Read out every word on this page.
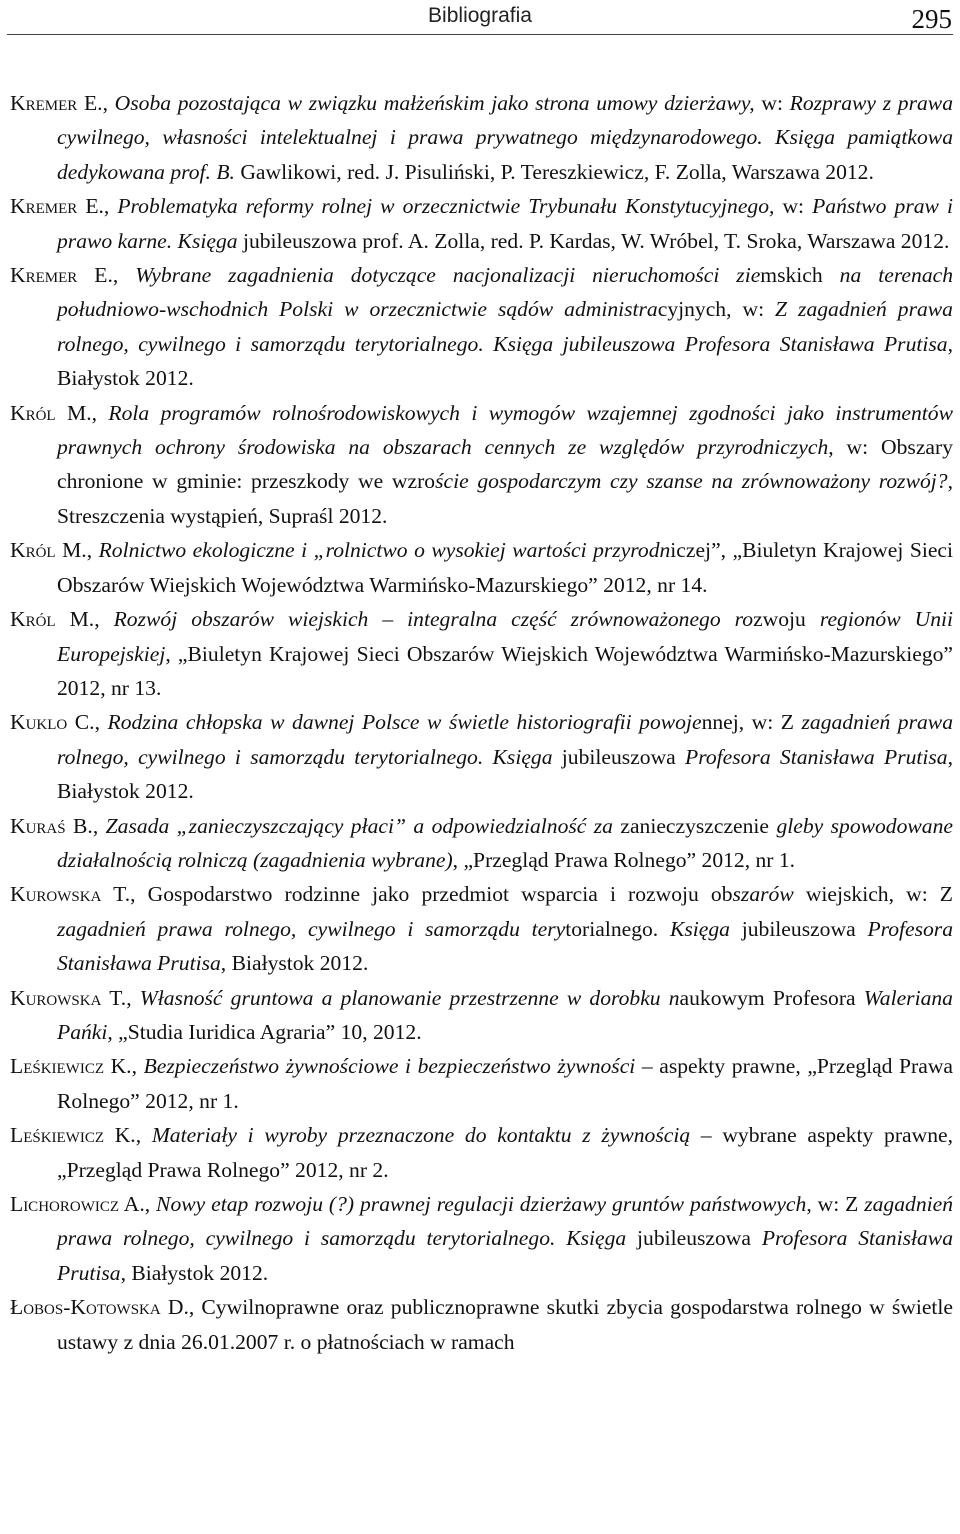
Bibliografia	295

Kremer E., Osoba pozostająca w związku małżeńskim jako strona umowy dzierżawy, w: Rozprawy z prawa cywilnego, własności intelektualnej i prawa prywatnego międzynarodowego. Księga pamiątkowa dedykowana prof. B. Gawlikowi, red. J. Pisuliński, P. Tereszkiewicz, F. Zolla, Warszawa 2012.

Kremer E., Problematyka reformy rolnej w orzecznictwie Trybunału Konstytucyjnego, w: Państwo praw i prawo karne. Księga jubileuszowa prof. A. Zolla, red. P. Kardas, W. Wróbel, T. Sroka, Warszawa 2012.

Kremer E., Wybrane zagadnienia dotyczące nacjonalizacji nieruchomości ziemskich na terenach południowo-wschodnich Polski w orzecznictwie sądów administracyjnych, w: Z zagadnień prawa rolnego, cywilnego i samorządu terytorialnego. Księga jubileuszowa Profesora Stanisława Prutisa, Białystok 2012.

Król M., Rola programów rolnośrodowiskowych i wymogów wzajemnej zgodności jako instrumentów prawnych ochrony środowiska na obszarach cennych ze względów przyrodniczych, w: Obszary chronione w gminie: przeszkody we wzroście gospodarczym czy szanse na zrównoważony rozwój?, Streszczenia wystąpień, Supraśl 2012.

Król M., Rolnictwo ekologiczne i „rolnictwo o wysokiej wartości przyrodniczej”, „Biuletyn Krajowej Sieci Obszarów Wiejskich Województwa Warmińsko-Mazurskiego” 2012, nr 14.

Król M., Rozwój obszarów wiejskich – integralna część zrównoważonego rozwoju regionów Unii Europejskiej, „Biuletyn Krajowej Sieci Obszarów Wiejskich Województwa Warmińsko-Mazurskiego” 2012, nr 13.

Kuklo C., Rodzina chłopska w dawnej Polsce w świetle historiografii powojennej, w: Z zagadnień prawa rolnego, cywilnego i samorządu terytorialnego. Księga jubileuszowa Profesora Stanisława Prutisa, Białystok 2012.

Kuraś B., Zasada „zanieczyszczający płaci” a odpowiedzialność za zanieczyszczenie gleby spowodowane działalnością rolniczą (zagadnienia wybrane), „Przegląd Prawa Rolnego” 2012, nr 1.

Kurowska T., Gospodarstwo rodzinne jako przedmiot wsparcia i rozwoju obszarów wiejskich, w: Z zagadnień prawa rolnego, cywilnego i samorządu terytorialnego. Księga jubileuszowa Profesora Stanisława Prutisa, Białystok 2012.

Kurowska T., Własność gruntowa a planowanie przestrzenne w dorobku naukowym Profesora Waleriana Pańki, „Studia Iuridica Agraria” 10, 2012.

Leśkiewicz K., Bezpieczeństwo żywnościowe i bezpieczeństwo żywności – aspekty prawne, „Przegląd Prawa Rolnego” 2012, nr 1.

Leśkiewicz K., Materiały i wyroby przeznaczone do kontaktu z żywnością – wybrane aspekty prawne, „Przegląd Prawa Rolnego” 2012, nr 2.

Lichorowicz A., Nowy etap rozwoju (?) prawnej regulacji dzierżawy gruntów państwowych, w: Z zagadnień prawa rolnego, cywilnego i samorządu terytorialnego. Księga jubileuszowa Profesora Stanisława Prutisa, Białystok 2012.

Łobos-Kotowska D., Cywilnoprawne oraz publicznoprawne skutki zbycia gospodarstwa rolnego w świetle ustawy z dnia 26.01.2007 r. o płatnościach w ramach
